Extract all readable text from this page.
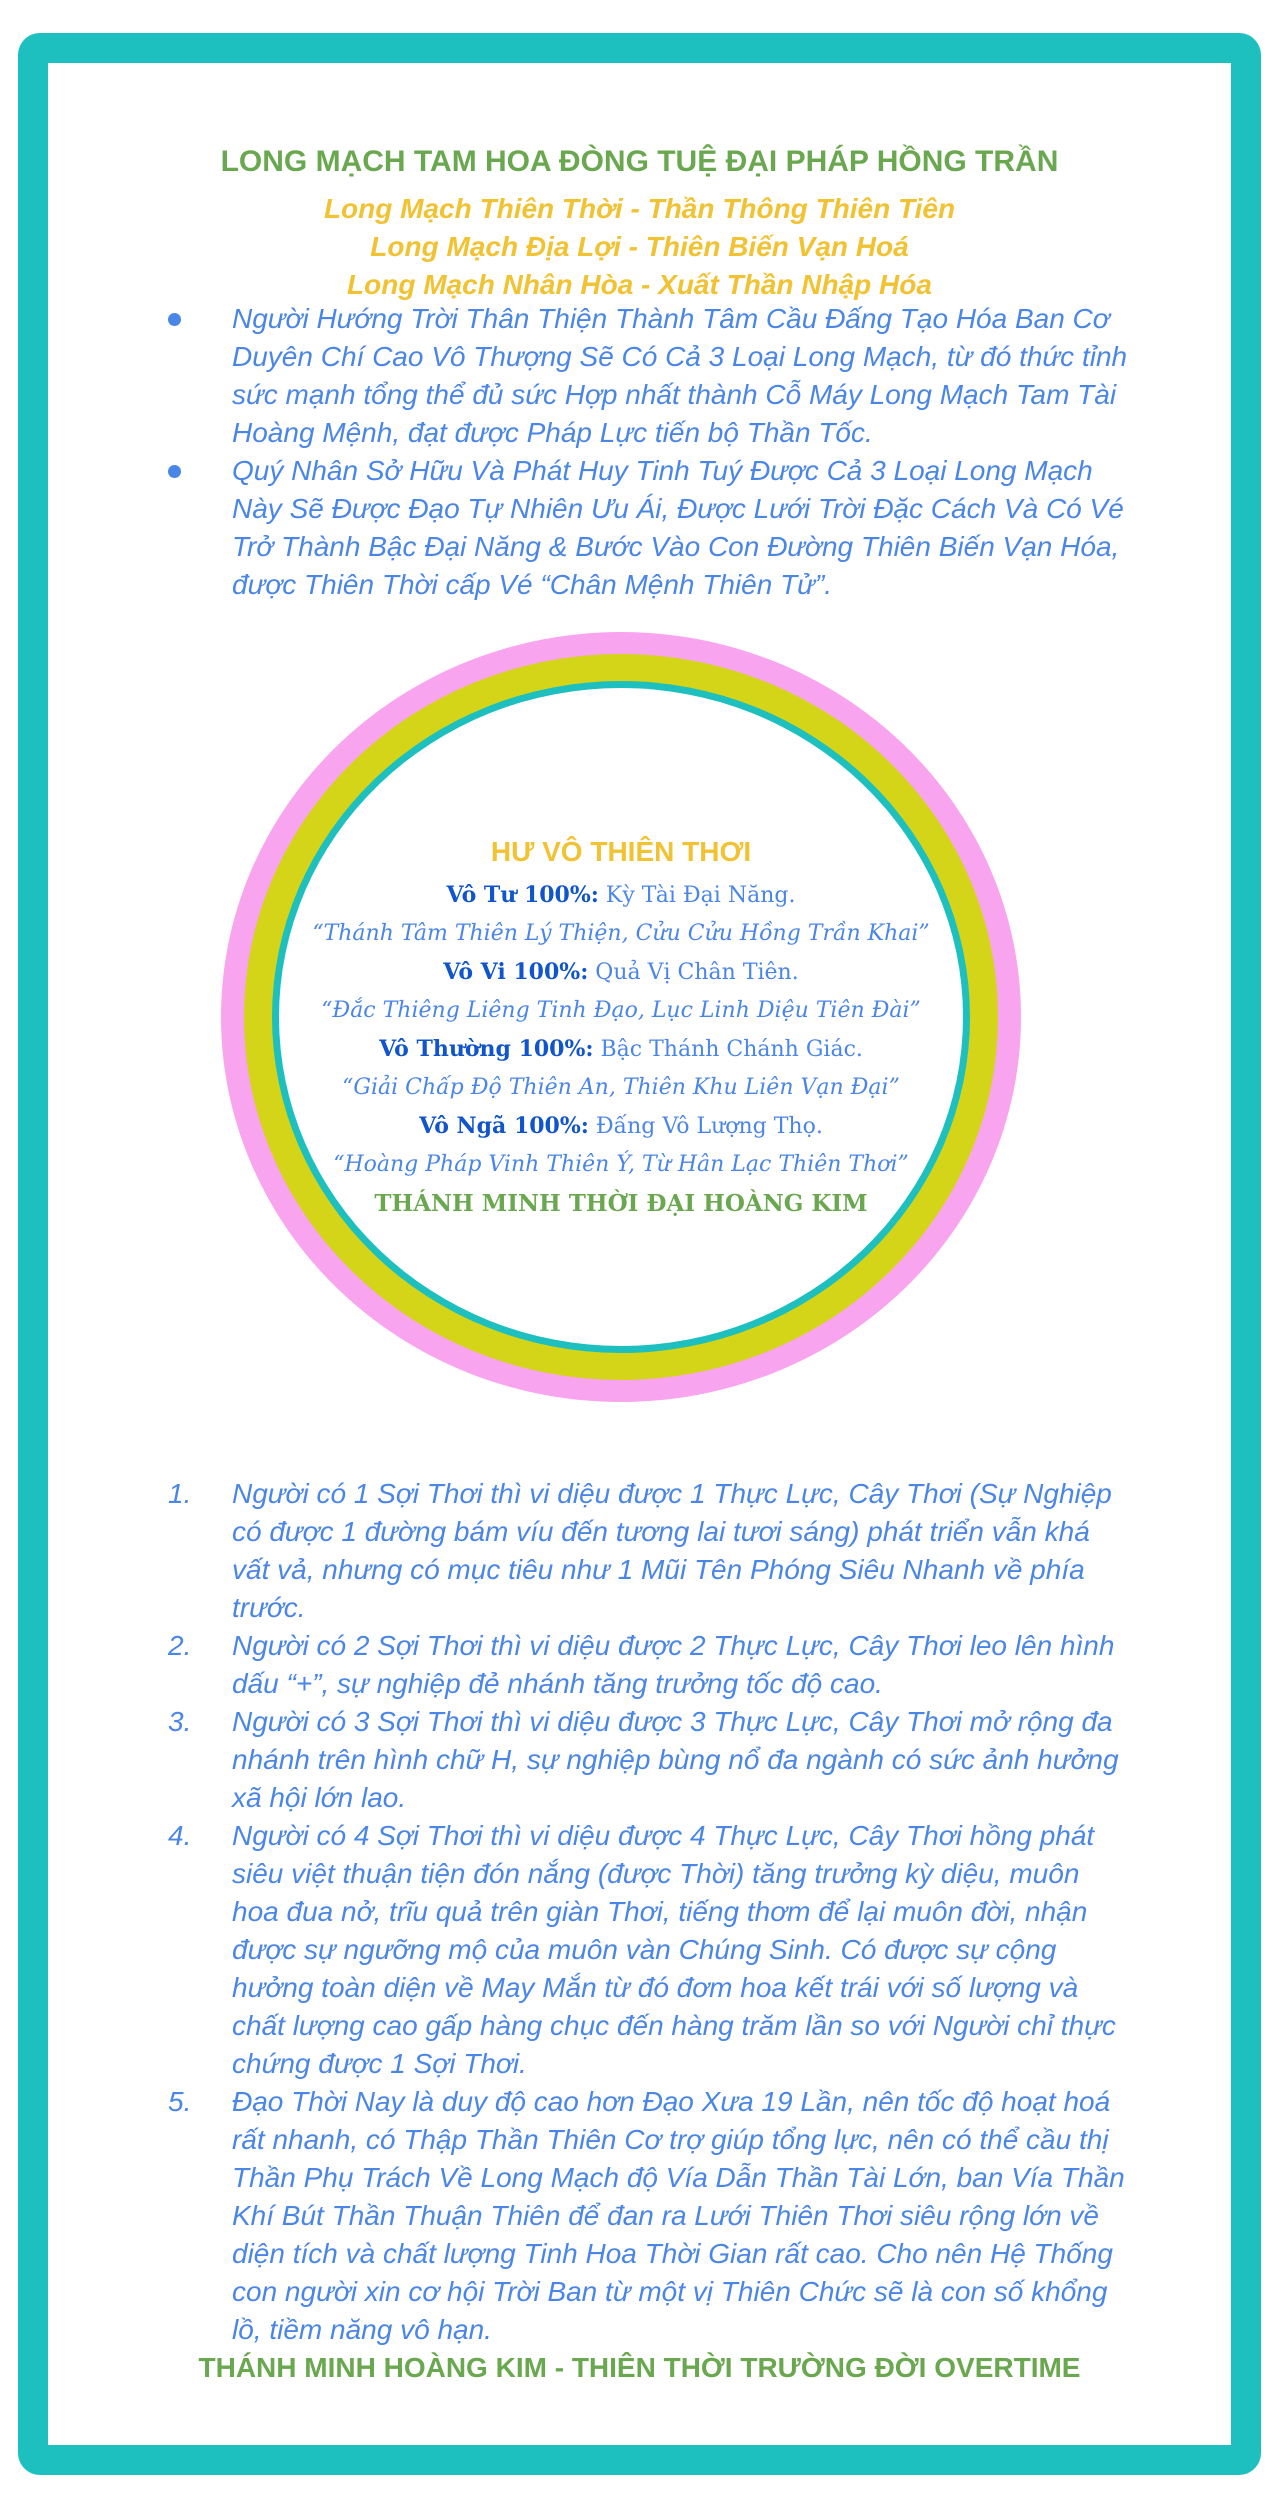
LONG MẠCH TAM HOA ĐÒNG TUỆ ĐẠI PHÁP HỒNG TRẦN
Long Mạch Thiên Thời - Thần Thông Thiên Tiên
Long Mạch Địa Lợi - Thiên Biến Vạn Hoá
Long Mạch Nhân Hòa - Xuất Thần Nhập Hóa
Người Hướng Trời Thân Thiện Thành Tâm Cầu Đấng Tạo Hóa Ban Cơ Duyên Chí Cao Vô Thượng Sẽ Có Cả 3 Loại Long Mạch, từ đó thức tỉnh sức mạnh tổng thể đủ sức Hợp nhất thành Cỗ Máy Long Mạch Tam Tài Hoàng Mệnh, đạt được Pháp Lực tiến bộ Thần Tốc.
Quý Nhân Sở Hữu Và Phát Huy Tinh Tuý Được Cả 3 Loại Long Mạch Này Sẽ Được Đạo Tự Nhiên Ưu Ái, Được Lưới Trời Đặc Cách Và Có Vé Trở Thành Bậc Đại Năng & Bước Vào Con Đường Thiên Biến Vạn Hóa, được Thiên Thời cấp Vé “Chân Mệnh Thiên Tử”.
HƯ VÔ THIÊN THƠI
Vô Tư 100%: Kỳ Tài Đại Năng.
“Thánh Tâm Thiên Lý Thiện, Cửu Cửu Hồng Trần Khai”
Vô Vi 100%: Quả Vị Chân Tiên.
“Đắc Thiêng Liêng Tinh Đạo, Lục Linh Diệu Tiên Đài”
Vô Thường 100%: Bậc Thánh Chánh Giác.
“Giải Chấp Độ Thiên An, Thiên Khu Liên Vạn Đại”
Vô Ngã 100%: Đấng Vô Lượng Thọ.
“Hoàng Pháp Vinh Thiên Ý, Từ Hân Lạc Thiên Thơi”
THÁNH MINH THỜI ĐẠI HOÀNG KIM
1. Người có 1 Sợi Thơi thì vi diệu được 1 Thực Lực, Cây Thơi (Sự Nghiệp có được 1 đường bám víu đến tương lai tươi sáng) phát triển vẫn khá vất vả, nhưng có mục tiêu như 1 Mũi Tên Phóng Siêu Nhanh về phía trước.
2. Người có 2 Sợi Thơi thì vi diệu được 2 Thực Lực, Cây Thơi leo lên hình dấu “+”, sự nghiệp đẻ nhánh tăng trưởng tốc độ cao.
3. Người có 3 Sợi Thơi thì vi diệu được 3 Thực Lực, Cây Thơi mở rộng đa nhánh trên hình chữ H, sự nghiệp bùng nổ đa ngành có sức ảnh hưởng xã hội lớn lao.
4. Người có 4 Sợi Thơi thì vi diệu được 4 Thực Lực, Cây Thơi hồng phát siêu việt thuận tiện đón nắng (được Thời) tăng trưởng kỳ diệu, muôn hoa đua nở, trĩu quả trên giàn Thơi, tiếng thơm để lại muôn đời, nhận được sự ngưỡng mộ của muôn vàn Chúng Sinh. Có được sự cộng hưởng toàn diện về May Mắn từ đó đơm hoa kết trái với số lượng và chất lượng cao gấp hàng chục đến hàng trăm lần so với Người chỉ thực chứng được 1 Sợi Thơi.
5. Đạo Thời Nay là duy độ cao hơn Đạo Xưa 19 Lần, nên tốc độ hoạt hoá rất nhanh, có Thập Thần Thiên Cơ trợ giúp tổng lực, nên có thể cầu thị Thần Phụ Trách Về Long Mạch độ Vía Dẫn Thần Tài Lớn, ban Vía Thần Khí Bút Thần Thuận Thiên để đan ra Lưới Thiên Thơi siêu rộng lớn về diện tích và chất lượng Tinh Hoa Thời Gian rất cao. Cho nên Hệ Thống con người xin cơ hội Trời Ban từ một vị Thiên Chức sẽ là con số khổng lồ, tiềm năng vô hạn.
THÁNH MINH HOÀNG KIM - THIÊN THỜI TRƯỜNG ĐỜI OVERTIME
